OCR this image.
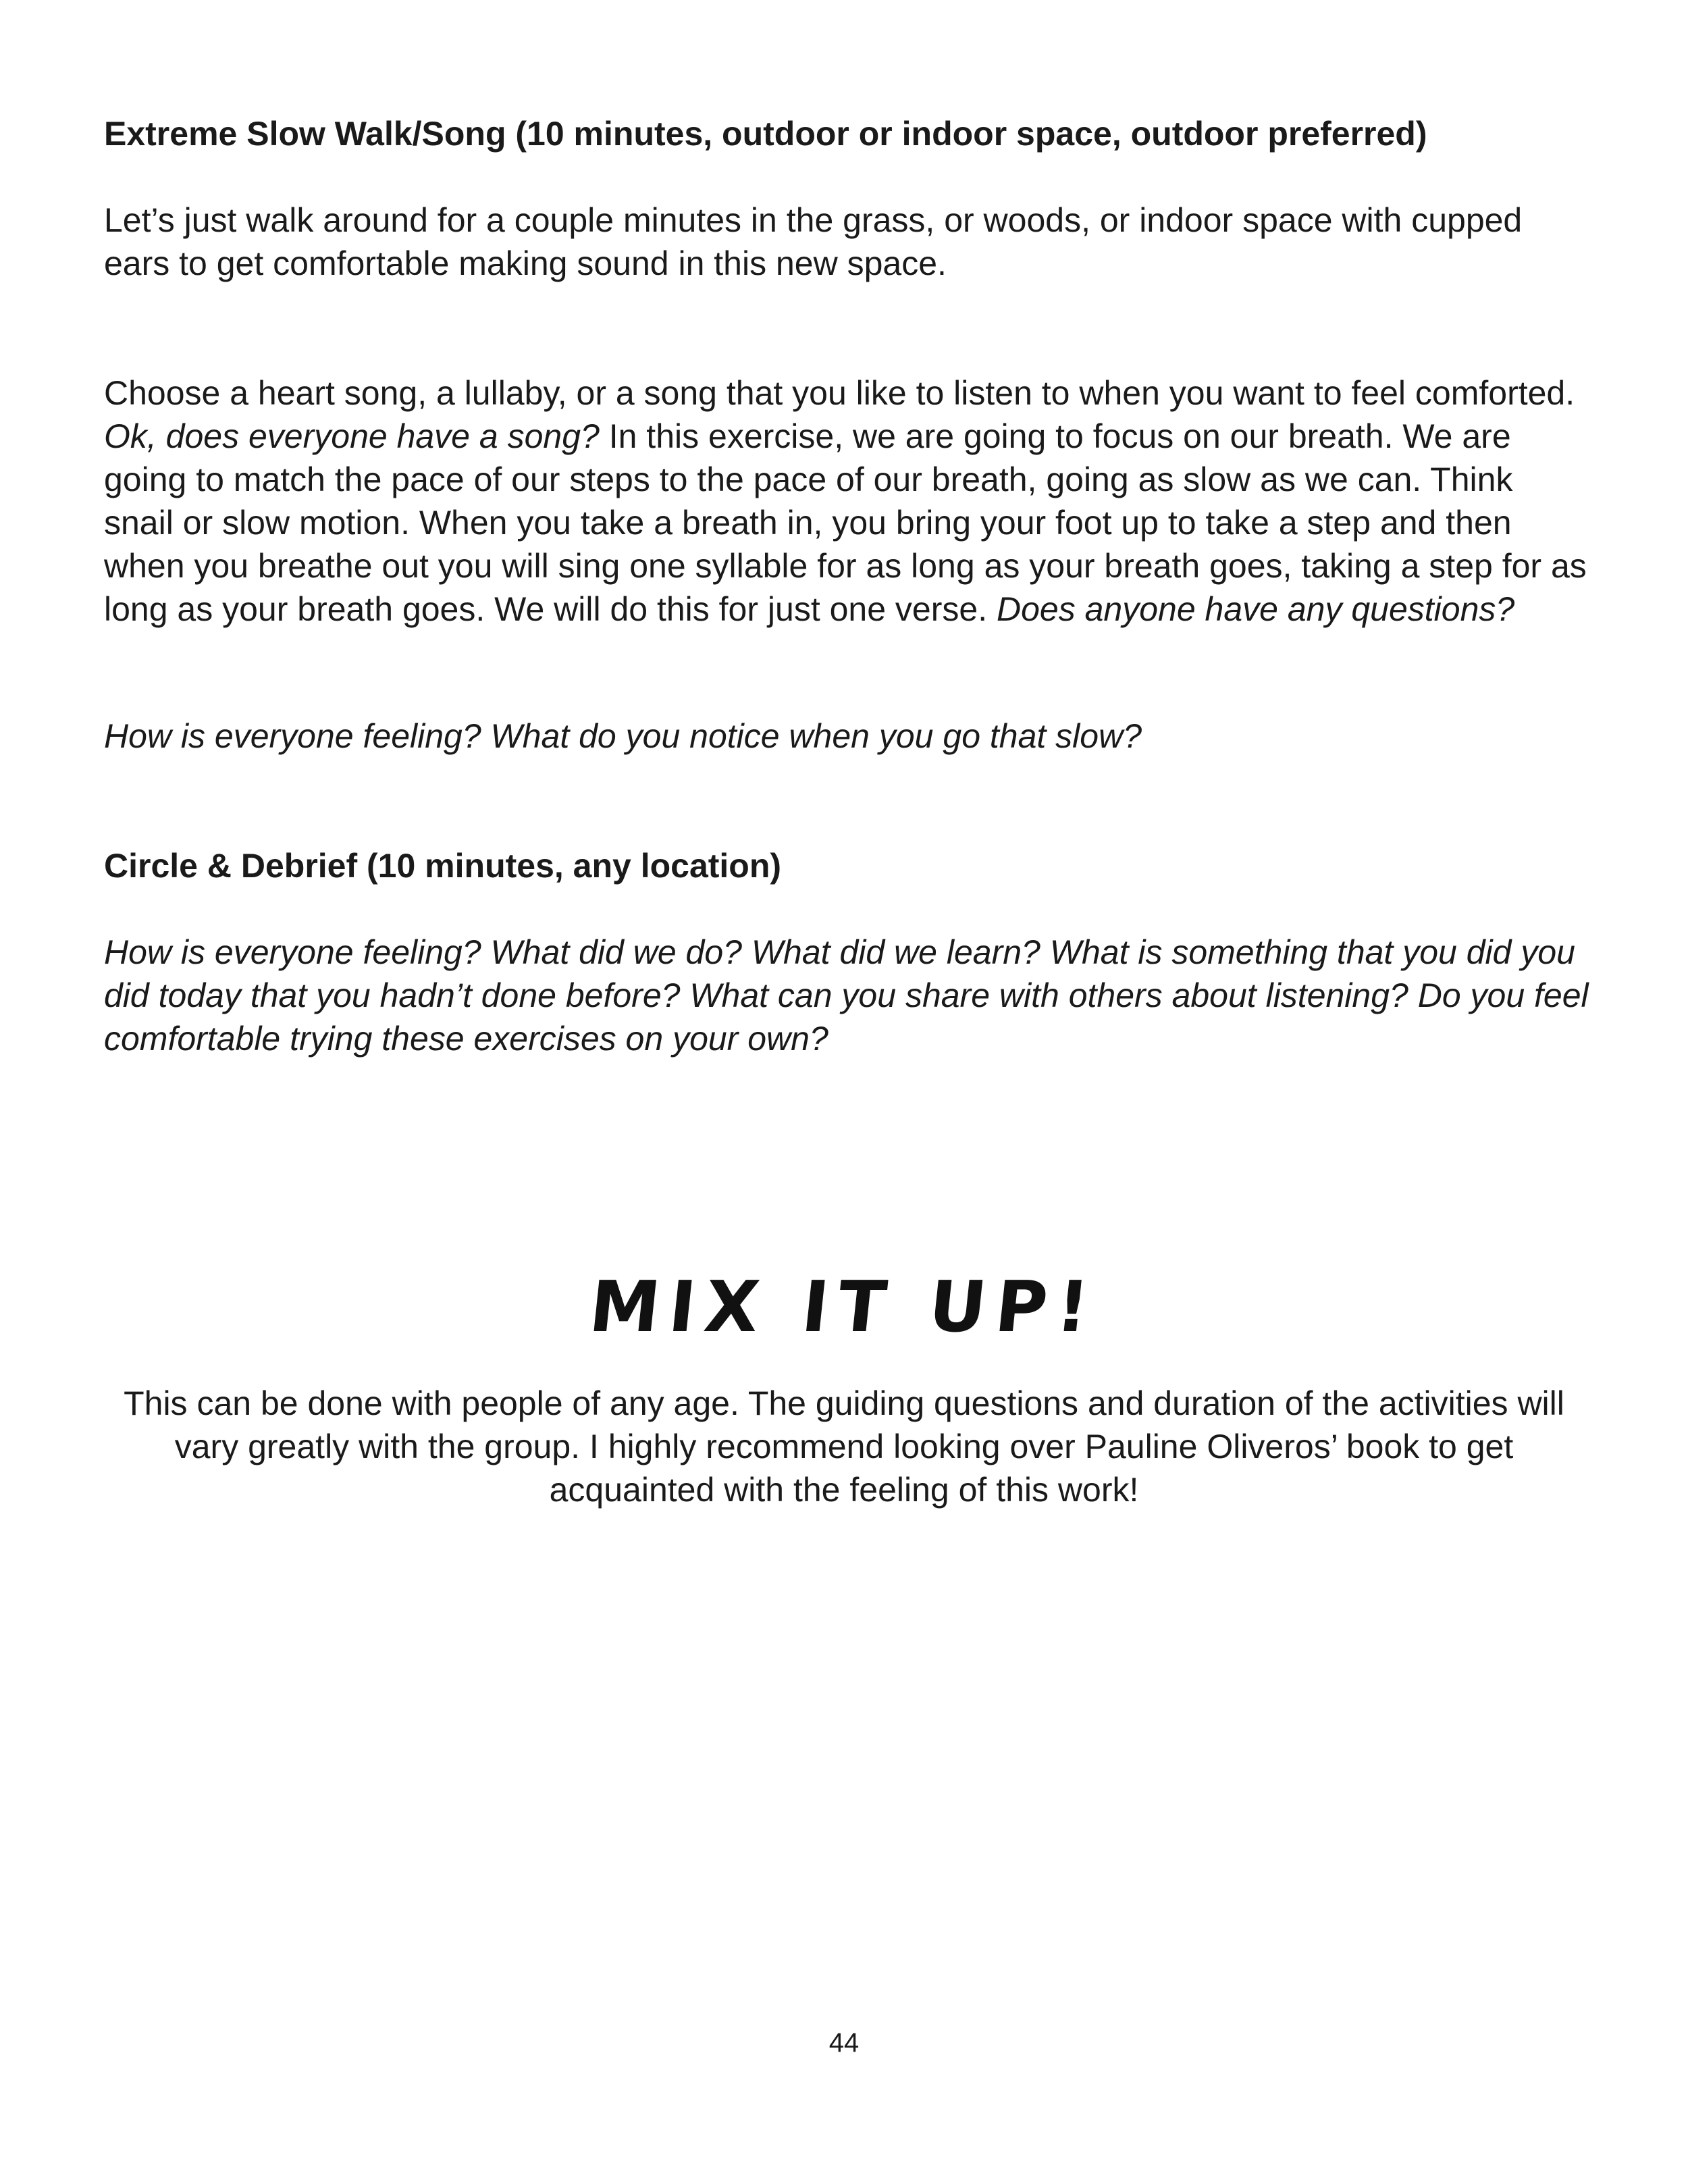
Extreme Slow Walk/Song (10 minutes, outdoor or indoor space, outdoor preferred)

Let’s just walk around for a couple minutes in the grass, or woods, or indoor space with cupped ears to get comfortable making sound in this new space.

Choose a heart song, a lullaby, or a song that you like to listen to when you want to feel comforted. Ok, does everyone have a song? In this exercise, we are going to focus on our breath. We are going to match the pace of our steps to the pace of our breath, going as slow as we can. Think snail or slow motion. When you take a breath in, you bring your foot up to take a step and then when you breathe out you will sing one syllable for as long as your breath goes, taking a step for as long as your breath goes. We will do this for just one verse. Does anyone have any questions?

How is everyone feeling? What do you notice when you go that slow?

Circle & Debrief (10 minutes, any location)

How is everyone feeling? What did we do? What did we learn? What is something that you did you did today that you hadn’t done before? What can you share with others about listening? Do you feel comfortable trying these exercises on your own?

MIX IT UP!

This can be done with people of any age. The guiding questions and duration of the activities will vary greatly with the group. I highly recommend looking over Pauline Oliveros’ book to get acquainted with the feeling of this work!

44
